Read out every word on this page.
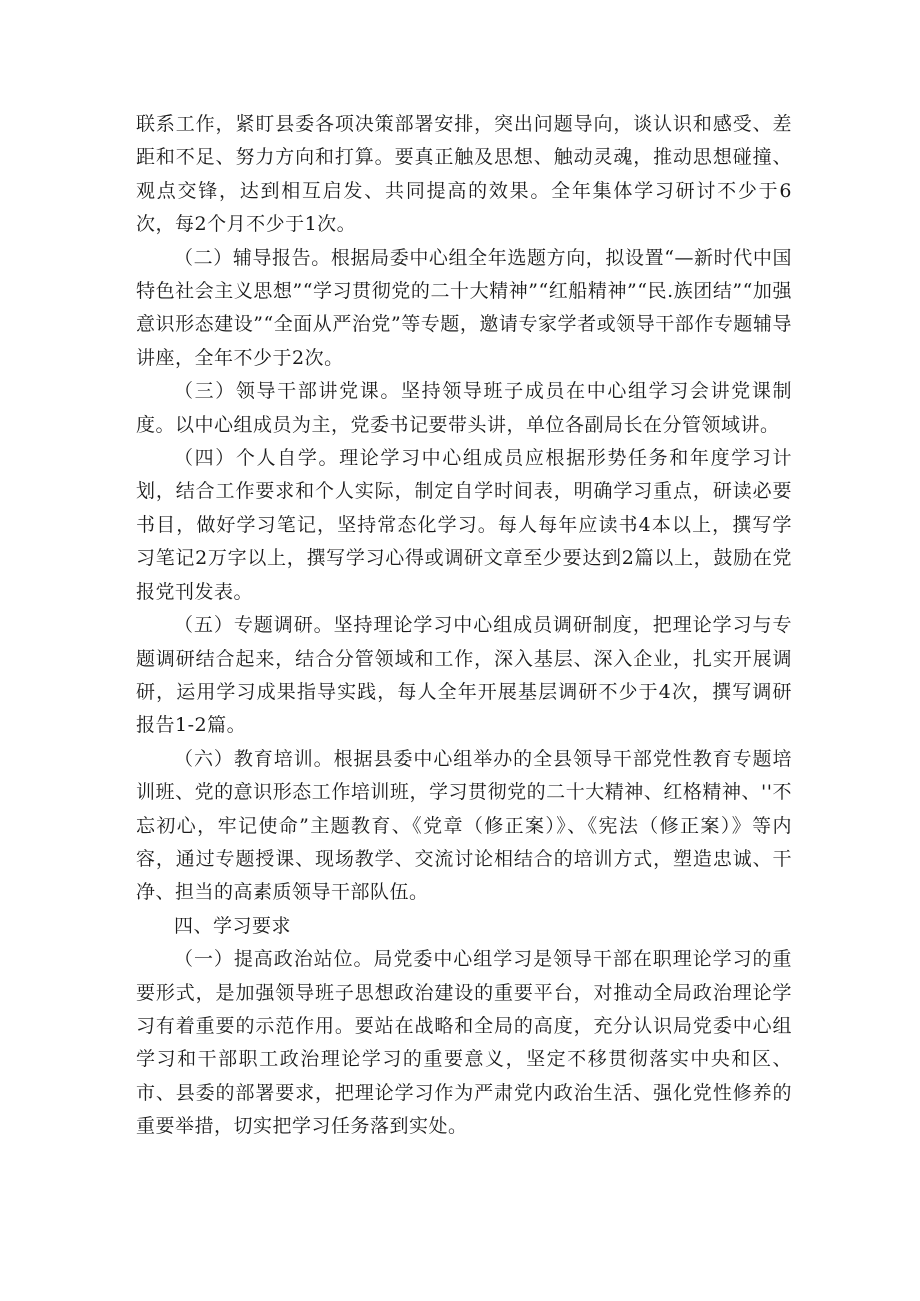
联系工作，紧盯县委各项决策部署安排，突出问题导向，谈认识和感受、差距和不足、努力方向和打算。要真正触及思想、触动灵魂，推动思想碰撞、观点交锋，达到相互启发、共同提高的效果。全年集体学习研讨不少于6次，每2个月不少于1次。

（二）辅导报告。根据局委中心组全年选题方向，拟设置“—新时代中国特色社会主义思想”“学习贯彻党的二十大精神”“红船精神”“民.族团结”“加强意识形态建设”“全面从严治党”等专题，邀请专家学者或领导干部作专题辅导讲座，全年不少于2次。

（三）领导干部讲党课。坚持领导班子成员在中心组学习会讲党课制度。以中心组成员为主，党委书记要带头讲，单位各副局长在分管领域讲。

（四）个人自学。理论学习中心组成员应根据形势任务和年度学习计划，结合工作要求和个人实际，制定自学时间表，明确学习重点，研读必要书目，做好学习笔记，坚持常态化学习。每人每年应读书4本以上，撰写学习笔记2万字以上，撰写学习心得或调研文章至少要达到2篇以上，鼓励在党报党刊发表。

（五）专题调研。坚持理论学习中心组成员调研制度，把理论学习与专题调研结合起来，结合分管领域和工作，深入基层、深入企业，扎实开展调研，运用学习成果指导实践，每人全年开展基层调研不少于4次，撰写调研报告1-2篇。

（六）教育培训。根据县委中心组举办的全县领导干部党性教育专题培训班、党的意识形态工作培训班，学习贯彻党的二十大精神、红格精神、''不忘初心，牢记使命”主题教育、《党章（修正案）》、《宪法（修正案）》等内容，通过专题授课、现场教学、交流讨论相结合的培训方式，塑造忠诚、干净、担当的高素质领导干部队伍。

四、学习要求

（一）提高政治站位。局党委中心组学习是领导干部在职理论学习的重要形式，是加强领导班子思想政治建设的重要平台，对推动全局政治理论学习有着重要的示范作用。要站在战略和全局的高度，充分认识局党委中心组学习和干部职工政治理论学习的重要意义，坚定不移贯彻落实中央和区、市、县委的部署要求，把理论学习作为严肃党内政治生活、强化党性修养的重要举措，切实把学习任务落到实处。
